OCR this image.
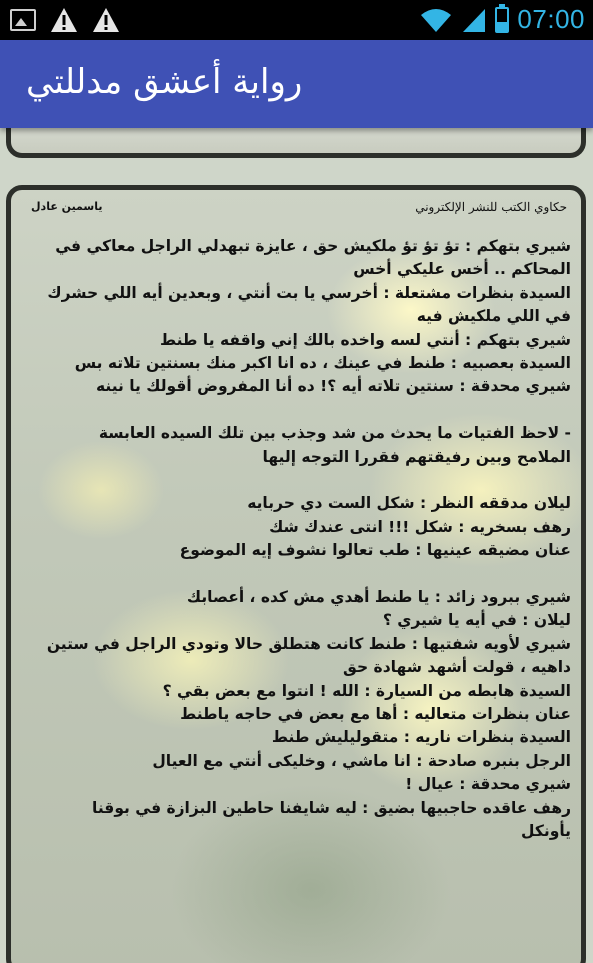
07:00
رواية أعشق مدللتي
ياسمين عادل	حكاوي الكتب للنشر الإلكتروني

شيري بتهكم : تؤ تؤ تؤ ملكيش حق ، عايزة تبهدلي الراجل معاكي في

المحاكم .. أخس عليكي أخس

السيدة بنظرات مشتعلة : أخرسي يا بت أنتي ، وبعدين أيه اللي حشرك

في اللي ملكيش فيه

شيري بتهكم : أنتي لسه واخده بالك إني واقفه يا طنط

السيدة بعصبيه : طنط في عينك ، ده انا اكبر منك بسنتين تلاته بس

شيري محدقة : سنتين تلاته أيه ؟! ده أنا المفروض أقولك يا نينه

- لاحظ الفتيات ما يحدث من شد وجذب بين تلك السيده العابسة

الملامح وبين رفيقتهم فقررا التوجه إليها

ليلان مدققه النظر : شكل الست دي حربايه

رهف بسخريه : شكل !!! انتى عندك شك

عنان مضيقه عينيها : طب تعالوا نشوف إيه الموضوع

شيري ببرود زائد : يا طنط أهدي مش كده ، أعصابك

ليلان : في أيه يا شيري ؟

شيري لأويه شفتيها : طنط كانت هتطلق حالا وتودي الراجل في ستين

داهيه ، قولت أشهد شهادة حق

السيدة هابطه من السيارة : الله ! انتوا مع بعض بقي ؟

عنان بنظرات متعاليه : أها مع بعض في حاجه ياطنط

السيدة بنظرات ناريه : متقوليليش طنط

الرجل بنبره صادحة : انا ماشي ، وخليكى أنتي مع العيال

شيري محدقة : عيال !

رهف عاقده حاجبيها بضيق : ليه شايفنا حاطين البزازة في بوقنا

يأونكل
